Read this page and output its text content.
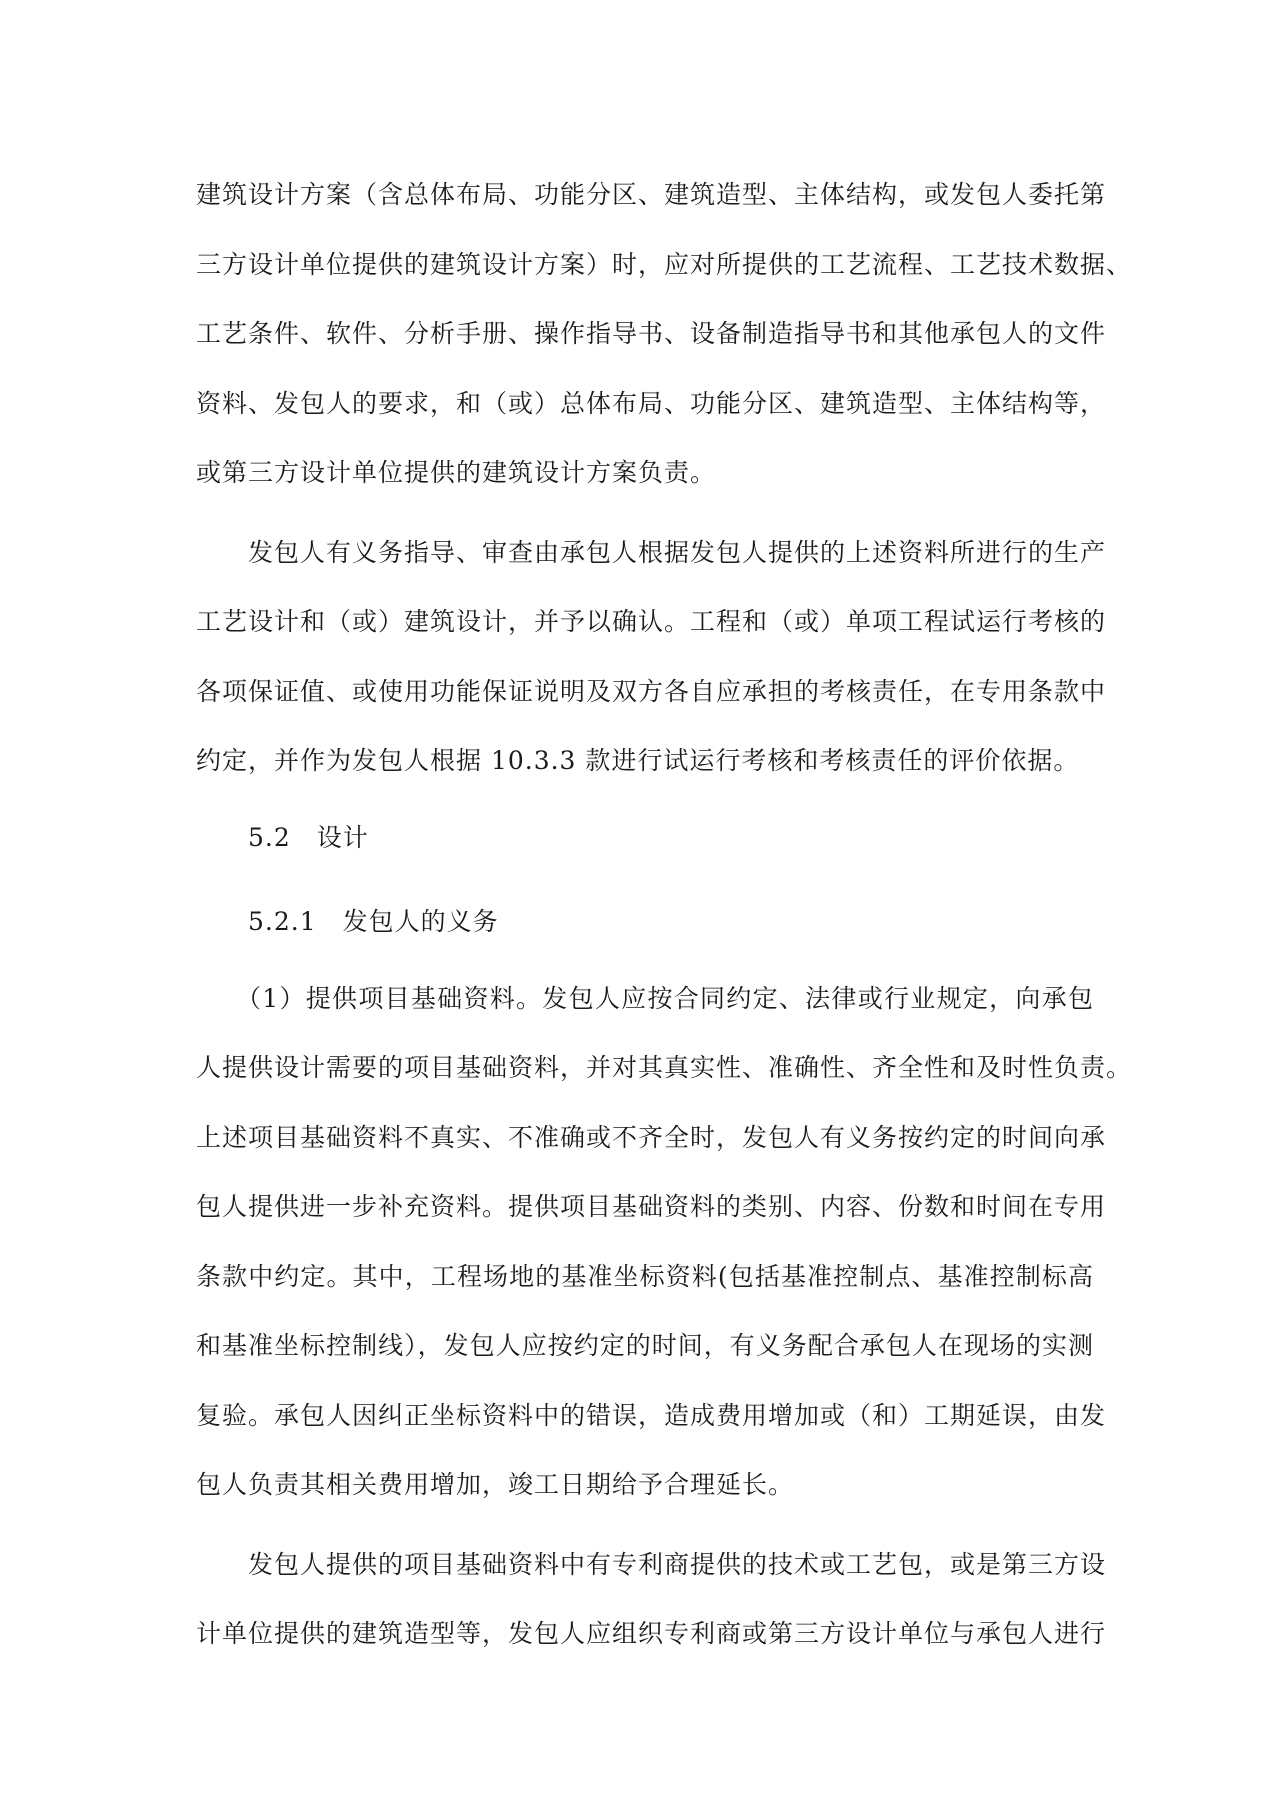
建筑设计方案（含总体布局、功能分区、建筑造型、主体结构，或发包人委托第
三方设计单位提供的建筑设计方案）时，应对所提供的工艺流程、工艺技术数据、
工艺条件、软件、分析手册、操作指导书、设备制造指导书和其他承包人的文件
资料、发包人的要求，和（或）总体布局、功能分区、建筑造型、主体结构等，
或第三方设计单位提供的建筑设计方案负责。
发包人有义务指导、审查由承包人根据发包人提供的上述资料所进行的生产
工艺设计和（或）建筑设计，并予以确认。工程和（或）单项工程试运行考核的
各项保证值、或使用功能保证说明及双方各自应承担的考核责任，在专用条款中
约定，并作为发包人根据 10.3.3 款进行试运行考核和考核责任的评价依据。
5.2 设计
5.2.1 发包人的义务
（1）提供项目基础资料。发包人应按合同约定、法律或行业规定，向承包
人提供设计需要的项目基础资料，并对其真实性、准确性、齐全性和及时性负责。
上述项目基础资料不真实、不准确或不齐全时，发包人有义务按约定的时间向承
包人提供进一步补充资料。提供项目基础资料的类别、内容、份数和时间在专用
条款中约定。其中，工程场地的基准坐标资料(包括基准控制点、基准控制标高
和基准坐标控制线），发包人应按约定的时间，有义务配合承包人在现场的实测
复验。承包人因纠正坐标资料中的错误，造成费用增加或（和）工期延误，由发
包人负责其相关费用增加，竣工日期给予合理延长。
发包人提供的项目基础资料中有专利商提供的技术或工艺包，或是第三方设
计单位提供的建筑造型等，发包人应组织专利商或第三方设计单位与承包人进行
